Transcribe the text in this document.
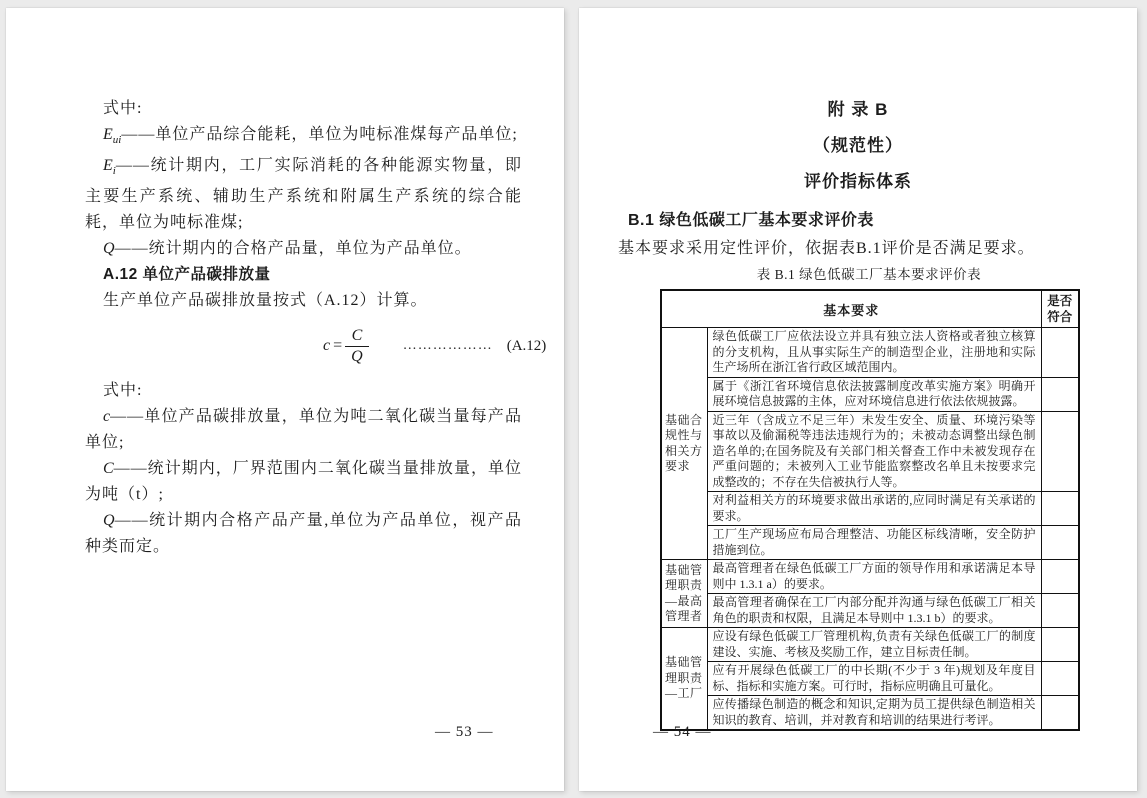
式中:

$E_{ui}——$单位产品综合能耗，单位为吨标准煤每产品单位;

$E_i——$统计期内，工厂实际消耗的各种能源实物量，即主要生产系统、辅助生产系统和附属生产系统的综合能耗，单位为吨标准煤;

Q——统计期内的合格产品量，单位为产品单位。

A.12 单位产品碳排放量

生产单位产品碳排放量按式（A.12）计算。

$c = \frac{C}{Q}$ ……………… (A.12)

式中:

c——单位产品碳排放量，单位为吨二氧化碳当量每产品单位;

C——统计期内，厂界范围内二氧化碳当量排放量，单位为吨（t）;

Q——统计期内合格产品产量,单位为产品单位，视产品种类而定。

— 53 —

附 录 B

（规范性）

评价指标体系

B.1 绿色低碳工厂基本要求评价表

基本要求采用定性评价，依据表B.1评价是否满足要求。

表 B.1 绿色低碳工厂基本要求评价表

基本要求		是否符合
基础合规性与相关方要求	绿色低碳工厂应依法设立并具有独立法人资格或者独立核算的分支机构，且从事实际生产的制造型企业，注册地和实际生产场所在浙江省行政区域范围内。	
	属于《浙江省环境信息依法披露制度改革实施方案》明确开展环境信息披露的主体，应对环境信息进行依法依规披露。	
	近三年（含成立不足三年）未发生安全、质量、环境污染等事故以及偷漏税等违法违规行为的；未被动态调整出绿色制造名单的;在国务院及有关部门相关督查工作中未被发现存在严重问题的；未被列入工业节能监察整改名单且未按要求完成整改的；不存在失信被执行人等。	
	对利益相关方的环境要求做出承诺的,应同时满足有关承诺的要求。	
	工厂生产现场应布局合理整洁、功能区标线清晰，安全防护措施到位。	
基础管理职责—最高管理者	最高管理者在绿色低碳工厂方面的领导作用和承诺满足本导则中 1.3.1 a）的要求。	
	最高管理者确保在工厂内部分配并沟通与绿色低碳工厂相关角色的职责和权限，且满足本导则中 1.3.1 b）的要求。	
基础管理职责—工厂	应设有绿色低碳工厂管理机构,负责有关绿色低碳工厂的制度建设、实施、考核及奖励工作，建立目标责任制。	
	应有开展绿色低碳工厂的中长期(不少于 3 年)规划及年度目标、指标和实施方案。可行时，指标应明确且可量化。	
	应传播绿色制造的概念和知识,定期为员工提供绿色制造相关知识的教育、培训，并对教育和培训的结果进行考评。	
— 54 —
